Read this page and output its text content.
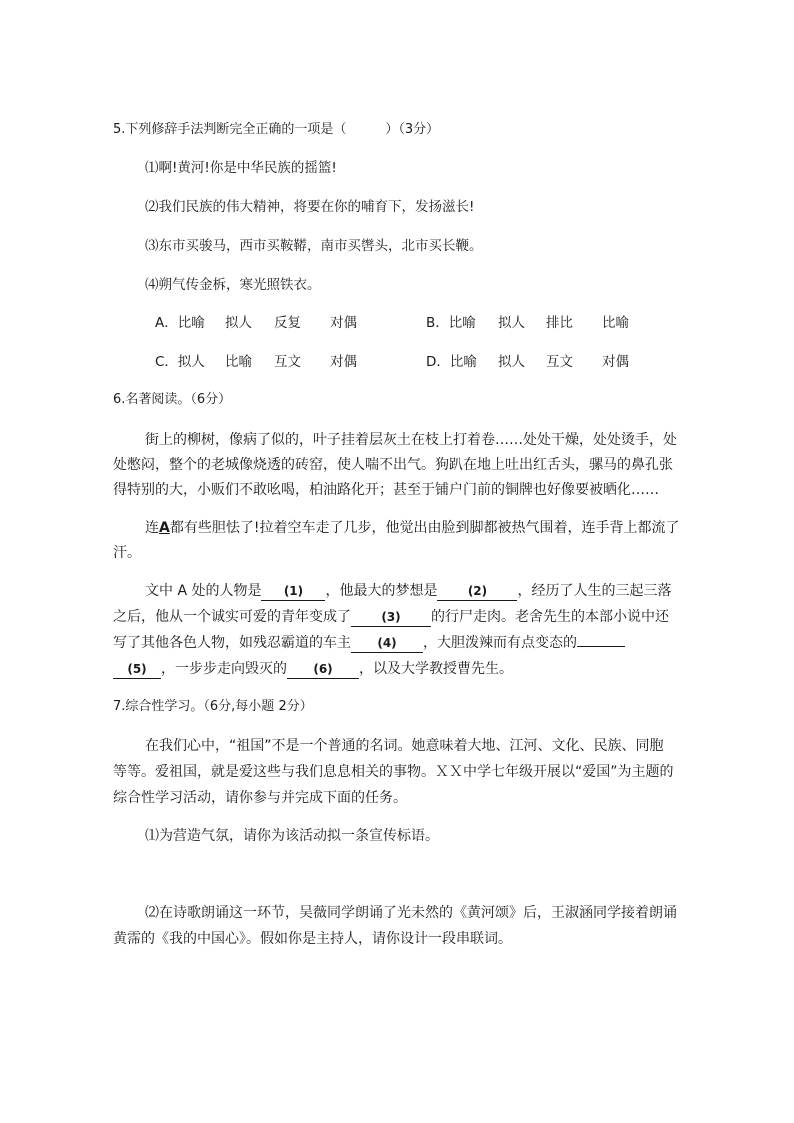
5.下列修辞手法判断完全正确的一项是（　　　）（3分）
⑴啊!黄河!你是中华民族的摇篮!
⑵我们民族的伟大精神，将要在你的哺育下，发扬滋长!
⑶东市买骏马，西市买鞍鞯，南市买辔头，北市买长鞭。
⑷朔气传金柝，寒光照铁衣。
A．比喻 拟人 反复 对偶	B．比喻 拟人 排比 比喻
C．拟人 比喻 互文 对偶	D．比喻 拟人 互文 对偶
6.名著阅读。（6分）
街上的柳树，像病了似的，叶子挂着层灰土在枝上打着卷……处处干燥，处处烫手，处
处憋闷，整个的老城像烧透的砖窑，使人喘不出气。狗趴在地上吐出红舌头，骡马的鼻孔张
得特别的大，小贩们不敢吆喝，柏油路化开；甚至于铺户门前的铜牌也好像要被晒化……
连A都有些胆怯了!拉着空车走了几步，他觉出由脸到脚都被热气围着，连手背上都流了
汗。
文中 A 处的人物是 (1) ，他最大的梦想是	(2) ，经历了人生的三起三落
之后，他从一个诚实可爱的青年变成了	(3) 的行尸走肉。老舍先生的本部小说中还
写了其他各色人物，如残忍霸道的车主 (4) ，大胆泼辣而有点变态的
(5) ，一步步走向毁灭的 (6) ，以及大学教授曹先生。
7.综合性学习。（6分,每小题 2分）
在我们心中，“祖国”不是一个普通的名词。她意味着大地、江河、文化、民族、同胞
等等。爱祖国，就是爱这些与我们息息相关的事物。ＸＸ中学七年级开展以“爱国”为主题的
综合性学习活动，请你参与并完成下面的任务。
⑴为营造气氛，请你为该活动拟一条宣传标语。
⑵在诗歌朗诵这一环节，吴薇同学朗诵了光未然的《黄河颂》后，王淑涵同学接着朗诵
黄霈的《我的中国心》。假如你是主持人，请你设计一段串联词。
